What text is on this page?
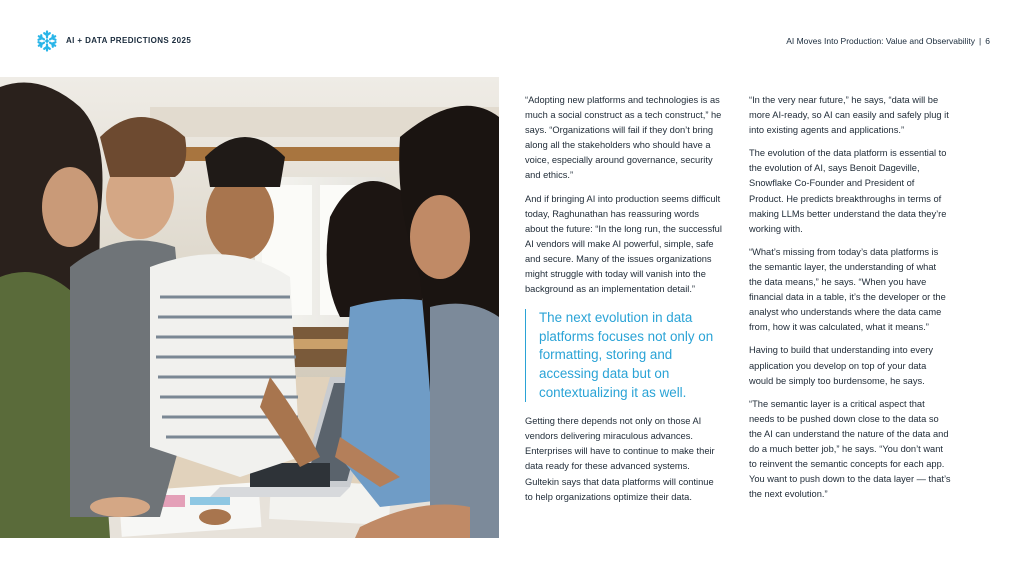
AI + DATA PREDICTIONS 2025	AI Moves Into Production: Value and Observability | 6

“Adopting new platforms and technologies is as much a social construct as a tech construct,” he says. “Organizations will fail if they don’t bring along all the stakeholders who should have a voice, especially around governance, security and ethics.”

And if bringing AI into production seems difficult today, Raghunathan has reassuring words about the future: “In the long run, the successful AI vendors will make AI powerful, simple, safe and secure. Many of the issues organizations might struggle with today will vanish into the background as an implementation detail.”

The next evolution in data platforms focuses not only on formatting, storing and accessing data but on contextualizing it as well.

Getting there depends not only on those AI vendors delivering miraculous advances. Enterprises will have to continue to make their data ready for these advanced systems. Gultekin says that data platforms will continue to help organizations optimize their data.

“In the very near future,” he says, “data will be more AI-ready, so AI can easily and safely plug it into existing agents and applications.”

The evolution of the data platform is essential to the evolution of AI, says Benoit Dageville, Snowflake Co-Founder and President of Product. He predicts breakthroughs in terms of making LLMs better understand the data they’re working with.

“What’s missing from today’s data platforms is the semantic layer, the understanding of what the data means,” he says. “When you have financial data in a table, it’s the developer or the analyst who understands where the data came from, how it was calculated, what it means.”

Having to build that understanding into every application you develop on top of your data would be simply too burdensome, he says.

“The semantic layer is a critical aspect that needs to be pushed down close to the data so the AI can understand the nature of the data and do a much better job,” he says. “You don’t want to reinvent the semantic concepts for each app. You want to push down to the data layer — that’s the next evolution.”
